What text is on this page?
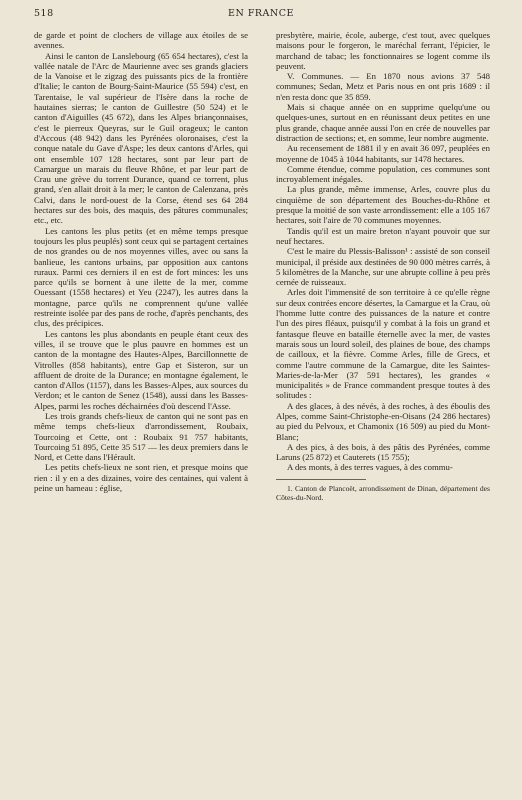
518	EN FRANCE

de garde et point de clochers de village aux étoiles de se avennes.

Ainsi le canton de Lanslebourg (65 654 hectares), c'est la vallée natale de l'Arc de Maurienne avec ses grands glaciers de la Vanoise et le zigzag des puissants pics de la frontière d'Italie; le canton de Bourg-Saint-Maurice (55 594) c'est, en Tarentaise, le val supérieur de l'Isère dans la roche de hautaines sierras; le canton de Guillestre (50 524) et le canton d'Aiguilles (45 672), dans les Alpes briançonnaises, c'est le pierreux Queyras, sur le Guil orageux; le canton d'Accous (48 942) dans les Pyrénées oloronaises, c'est la conque natale du Gave d'Aspe; les deux cantons d'Arles, qui ont ensemble 107 128 hectares, sont par leur part de Camargue un marais du fleuve Rhône, et par leur part de Crau une grève du torrent Durance, quand ce torrent, plus grand, s'en allait droit à la mer; le canton de Calenzana, près Calvi, dans le nord-ouest de la Corse, étend ses 64 284 hectares sur des bois, des maquis, des pâtures communales; etc., etc.

Les cantons les plus petits (et en même temps presque toujours les plus peuplés) sont ceux qui se partagent certaines de nos grandes ou de nos moyennes villes, avec ou sans la banlieue, les cantons urbains, par opposition aux cantons ruraux. Parmi ces derniers il en est de fort minces: les uns parce qu'ils se bornent à une ilette de la mer, comme Ouessant (1558 hectares) et Yeu (2247), les autres dans la montagne, parce qu'ils ne comprennent qu'une vallée restreinte isolée par des pans de roche, d'après penchants, des clus, des précipices.

Les cantons les plus abondants en peuple étant ceux des villes, il se trouve que le plus pauvre en hommes est un canton de la montagne des Hautes-Alpes, Barcillonnette de Vitrolles (858 habitants), entre Gap et Sisteron, sur un affluent de droite de la Durance; en montagne également, le canton d'Allos (1157), dans les Basses-Alpes, aux sources du Verdon; et le canton de Senez (1548), aussi dans les Basses-Alpes, parmi les roches déchairnées d'où descend l'Asse.

Les trois grands chefs-lieux de canton qui ne sont pas en même temps chefs-lieux d'arrondissement, Roubaix, Tourcoing et Cette, ont : Roubaix 91 757 habitants, Tourcoing 51 895, Cette 35 517 — les deux premiers dans le Nord, et Cette dans l'Hérault.

Les petits chefs-lieux ne sont rien, et presque moins que rien : il y en a des dizaines, voire des centaines, qui valent à peine un hameau : église,

presbytère, mairie, école, auberge, c'est tout, avec quelques maisons pour le forgeron, le maréchal ferrant, l'épicier, le marchand de tabac; les fonctionnaires se logent comme ils peuvent.

V. Communes. — En 1870 nous avions 37 548 communes; Sedan, Metz et Paris nous en ont pris 1689 : il n'en resta donc que 35 859.

Mais si chaque année on en supprime quelqu'une ou quelques-unes, surtout en en réunissant deux petites en une plus grande, chaque année aussi l'on en crée de nouvelles par distraction de sections; et, en somme, leur nombre augmente.

Au recensement de 1881 il y en avait 36 097, peuplées en moyenne de 1045 à 1044 habitants, sur 1478 hectares.

Comme étendue, comme population, ces communes sont incroyablement inégales.

La plus grande, même immense, Arles, couvre plus du cinquième de son département des Bouches-du-Rhône et presque la moitié de son vaste arrondissement: elle a 105 167 hectares, soit l'aire de 70 communes moyennes.

Tandis qu'il est un maire breton n'ayant pouvoir que sur neuf hectares.

C'est le maire du Plessis-Balisson¹ : assisté de son conseil municipal, il préside aux destinées de 90 000 mètres carrés, à 5 kilomètres de la Manche, sur une abrupte colline à peu près cernée de ruisseaux.

Arles doit l'immensité de son territoire à ce qu'elle règne sur deux contrées encore désertes, la Camargue et la Crau, où l'homme lutte contre des puissances de la nature et contre l'un des pires fléaux, puisqu'il y combat à la fois un grand et fantasque fleuve en bataille éternelle avec la mer, de vastes marais sous un lourd soleil, des plaines de boue, des champs de cailloux, et la fièvre. Comme Arles, fille de Grecs, et comme l'autre commune de la Camargue, dite les Saintes-Maries-de-la-Mer (37 591 hectares), les grandes « municipalités » de France commandent presque toutes à des solitudes :

A des glaces, à des névés, à des roches, à des éboulis des Alpes, comme Saint-Christophe-en-Oisans (24 286 hectares) au pied du Pelvoux, et Chamonix (16 509) au pied du Mont-Blanc;

A des pics, à des bois, à des pâtis des Pyrénées, comme Laruns (25 872) et Cauterets (15 755);

A des monts, à des terres vagues, à des commu-

1. Canton de Plancoët, arrondissement de Dinan, département des Côtes-du-Nord.
